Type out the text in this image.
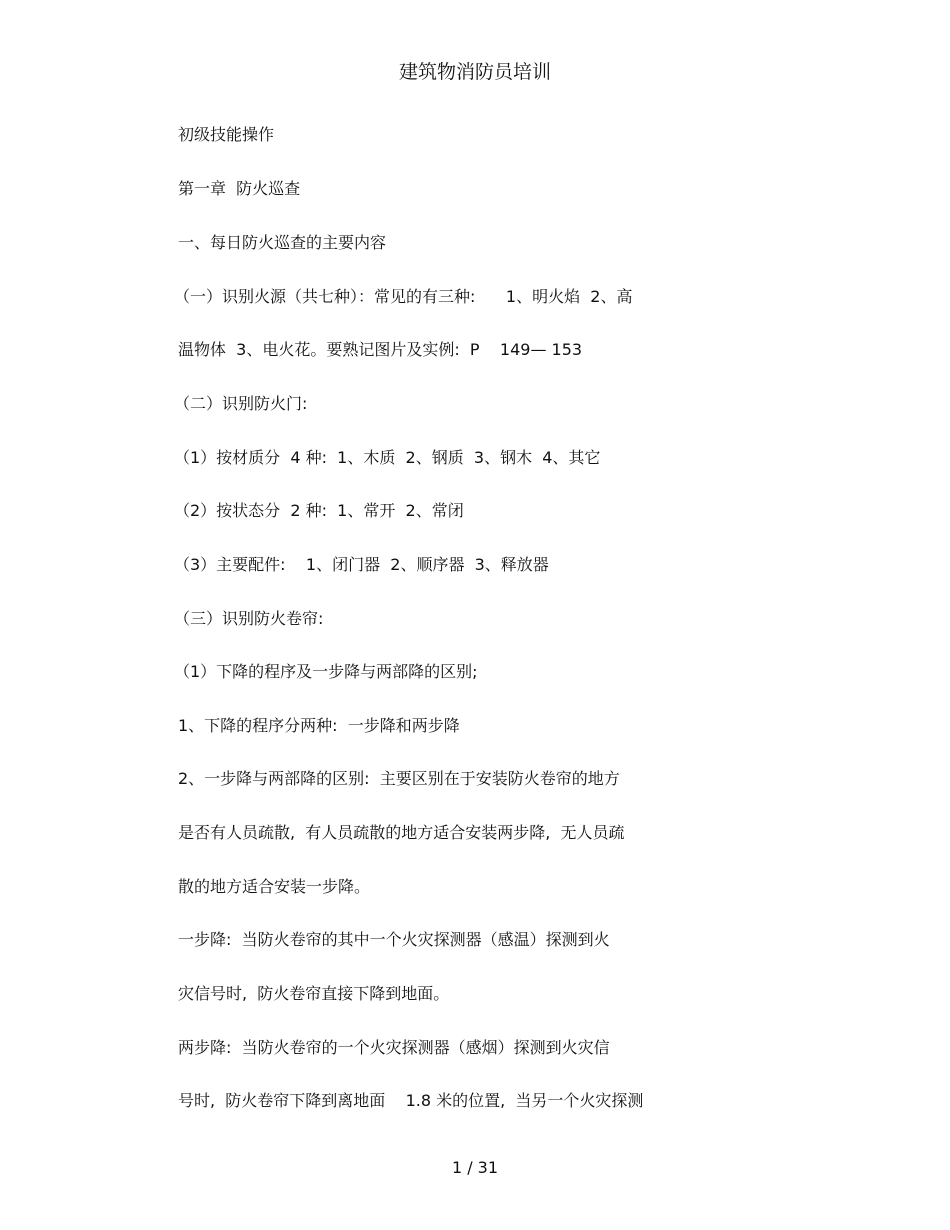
建筑物消防员培训
初级技能操作
第一章  防火巡查
一、每日防火巡查的主要内容
（一）识别火源（共七种）：常见的有三种:      1、明火焰  2、高
温物体  3、电火花。要熟记图片及实例:  P    149— 153
（二）识别防火门:
（1）按材质分  4 种:  1、木质  2、钢质  3、钢木  4、其它
（2）按状态分  2 种:  1、常开  2、常闭
（3）主要配件:    1、闭门器  2、顺序器  3、释放器
（三）识别防火卷帘:
（1）下降的程序及一步降与两部降的区别;
1、下降的程序分两种:  一步降和两步降
2、一步降与两部降的区别:  主要区别在于安装防火卷帘的地方
是否有人员疏散,  有人员疏散的地方适合安装两步降,  无人员疏
散的地方适合安装一步降。
一步降:  当防火卷帘的其中一个火灾探测器（感温）探测到火
灾信号时,  防火卷帘直接下降到地面。
两步降:  当防火卷帘的一个火灾探测器（感烟）探测到火灾信
号时,  防火卷帘下降到离地面    1.8 米的位置,  当另一个火灾探测
1 / 31
